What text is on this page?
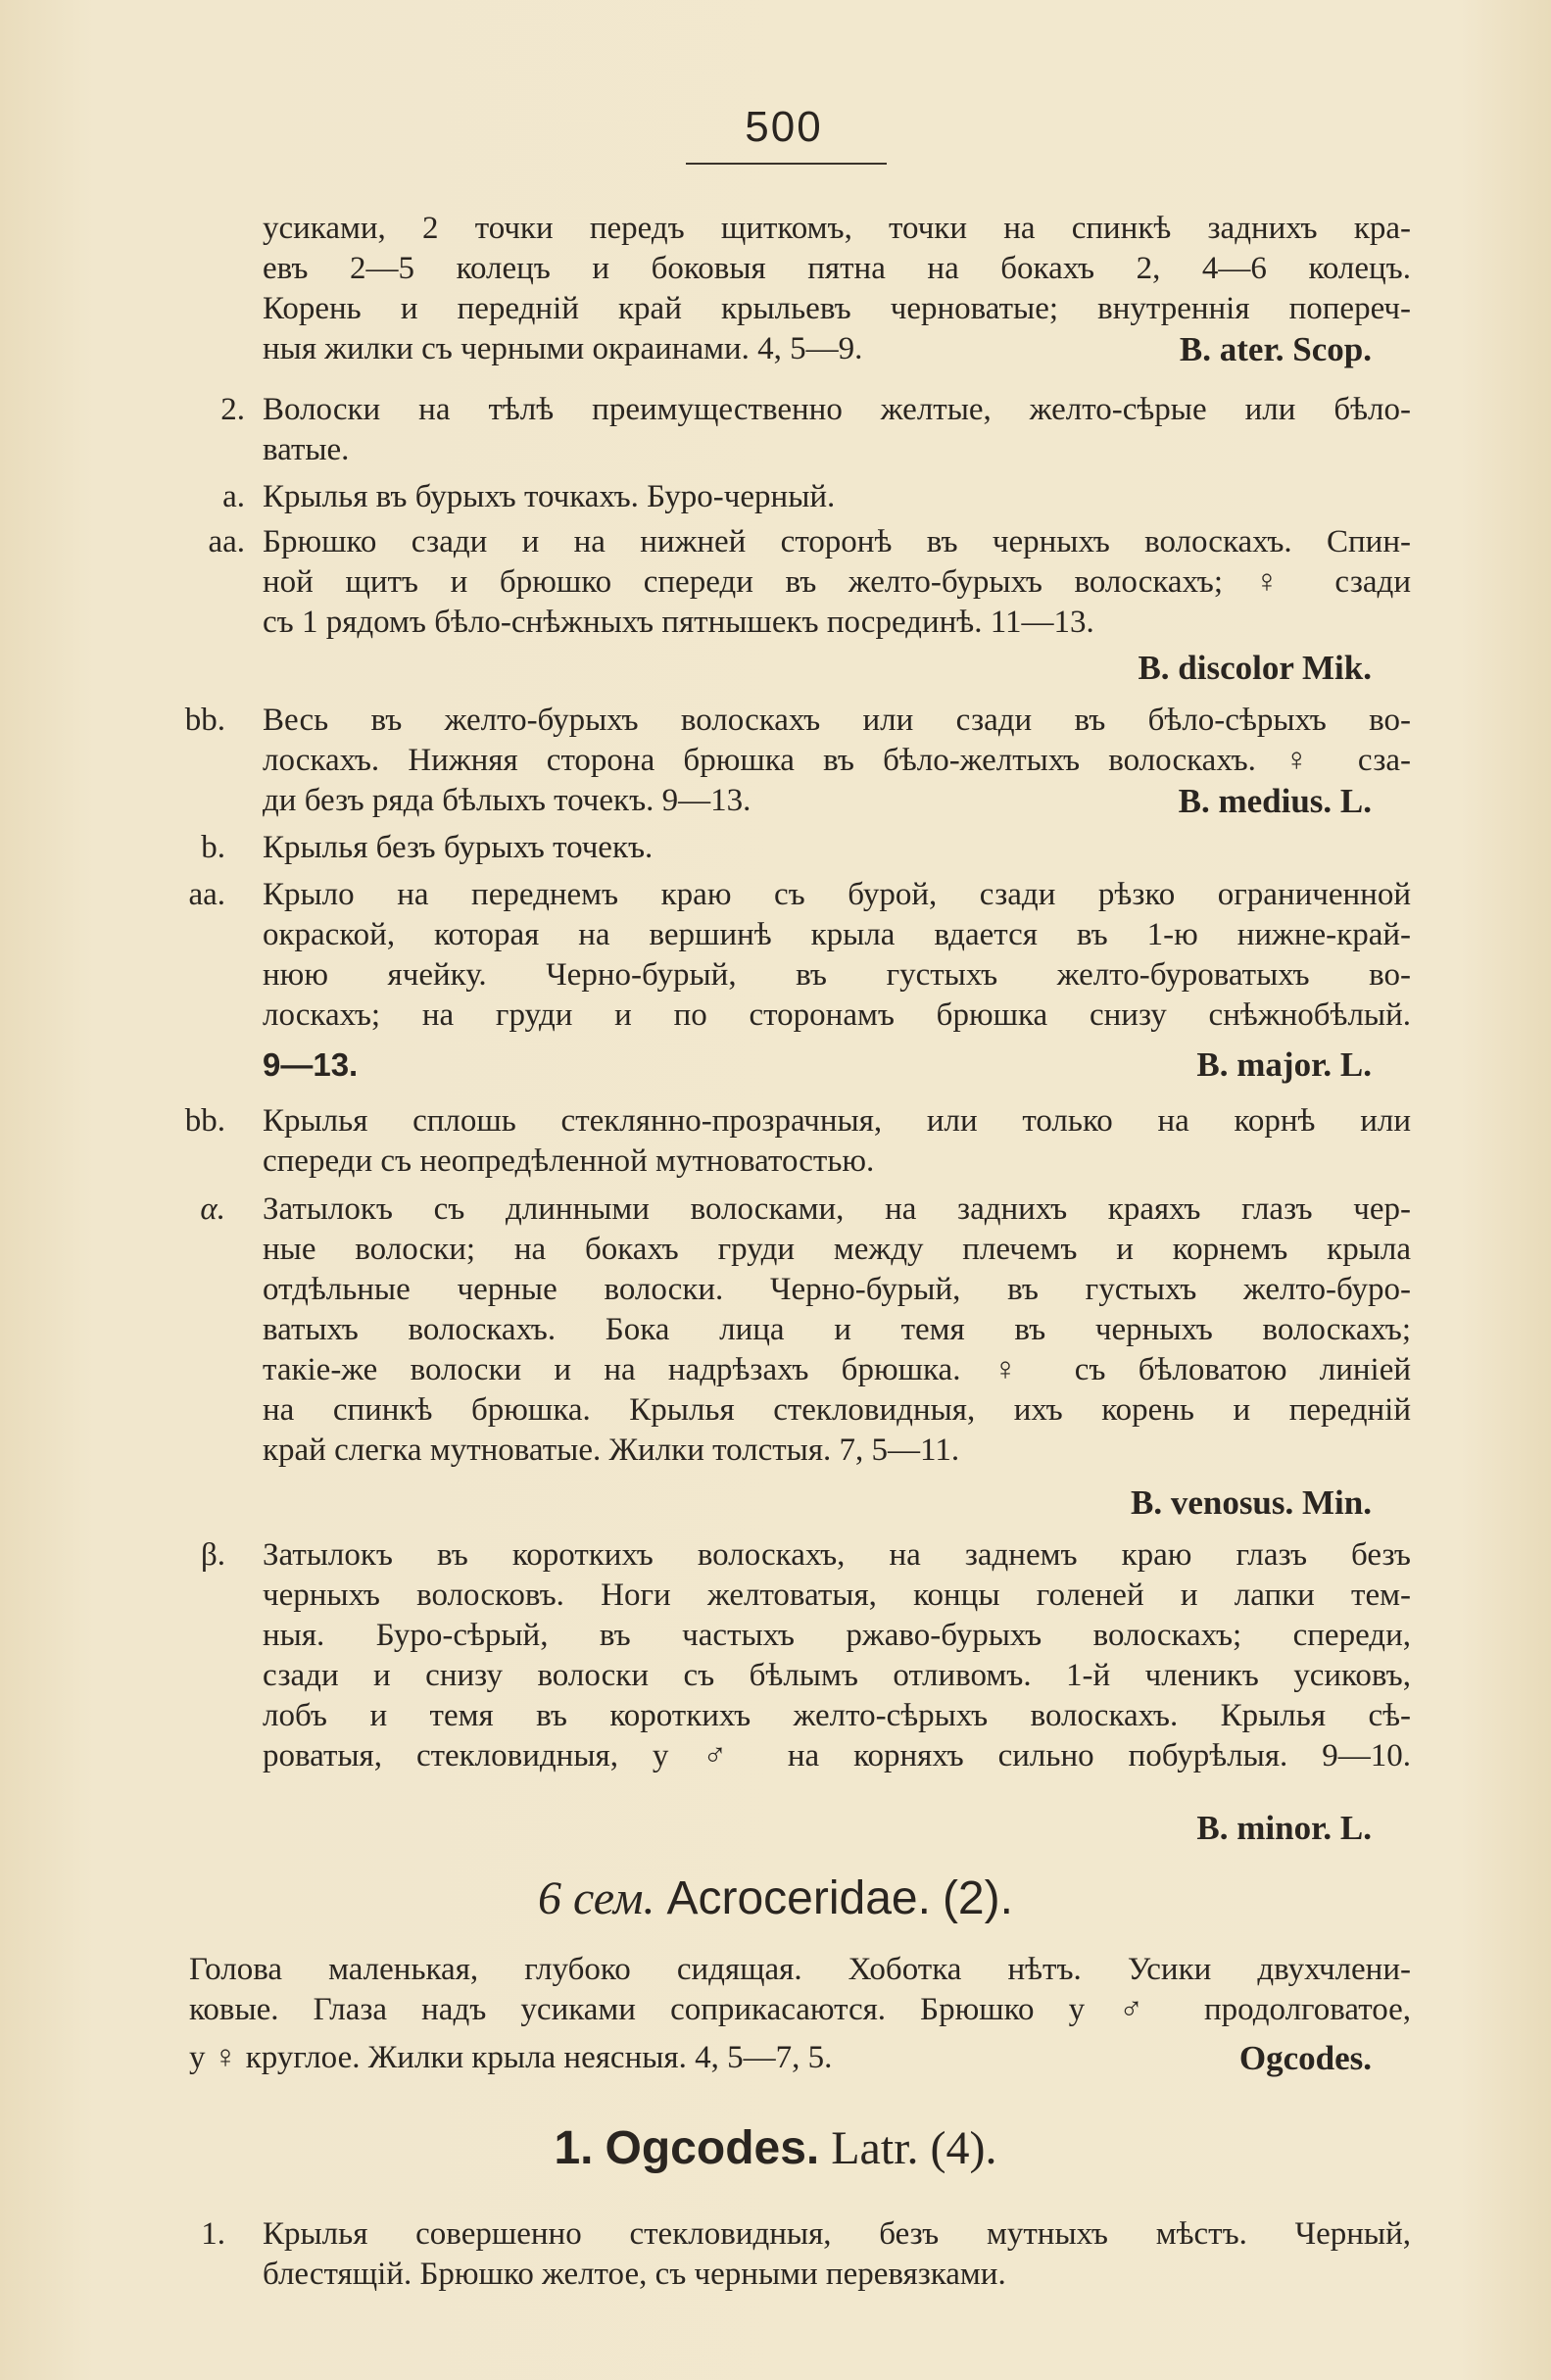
500
усиками, 2 точки передъ щиткомъ, точки на спинкѣ заднихъ кра-
евъ 2—5 колецъ и боковыя пятна на бокахъ 2, 4—6 колецъ.
Корень и передній край крыльевъ черноватые; внутреннія попереч-
ныя жилки съ черными окраинами. 4, 5—9.	B. ater. Scop.
2. Волоски на тѣлѣ преимущественно желтые, желто-сѣрые или бѣло-
ватые.
a. Крылья въ бурыхъ точкахъ. Буро-черный.
аа. Брюшко сзади и на нижней сторонѣ въ черныхъ волоскахъ. Спин-
ной щитъ и брюшко спереди въ желто-бурыхъ волоскахъ; ♀ сзади
съ 1 рядомъ бѣло-снѣжныхъ пятнышекъ посрединѣ. 11—13.
B. discolor Mik.
bb. Весь въ желто-бурыхъ волоскахъ или сзади въ бѣло-сѣрыхъ во-
лоскахъ. Нижняя сторона брюшка въ бѣло-желтыхъ волоскахъ. ♀ сза-
ди безъ ряда бѣлыхъ точекъ. 9—13.	B. medius. L.
b. Крылья безъ бурыхъ точекъ.
аа. Крыло на переднемъ краю съ бурой, сзади рѣзко ограниченной
окраской, которая на вершинѣ крыла вдается въ 1-ю нижне-край-
нюю ячейку. Черно-бурый, въ густыхъ желто-буроватыхъ во-
лоскахъ; на груди и по сторонамъ брюшка снизу снѣжнобѣлый.
9—13.	B. major. L.
bb. Крылья сплошь стеклянно-прозрачныя, или только на корнѣ или
спереди съ неопредѣленной мутноватостью.
α. Затылокъ съ длинными волосками, на заднихъ краяхъ глазъ чер-
ные волоски; на бокахъ груди между плечемъ и корнемъ крыла
отдѣльные черные волоски. Черно-бурый, въ густыхъ желто-буро-
ватыхъ волоскахъ. Бока лица и темя въ черныхъ волоскахъ;
такіе-же волоски и на надрѣзахъ брюшка. ♀ съ бѣловатою линіей
на спинкѣ брюшка. Крылья стекловидныя, ихъ корень и передній
край слегка мутноватые. Жилки толстыя. 7, 5—11.
B. venosus. Min.
β. Затылокъ въ короткихъ волоскахъ, на заднемъ краю глазъ безъ
черныхъ волосковъ. Ноги желтоватыя, концы голеней и лапки тем-
ныя. Буро-сѣрый, въ частыхъ ржаво-бурыхъ волоскахъ; спереди,
сзади и снизу волоски съ бѣлымъ отливомъ. 1-й членикъ усиковъ,
лобъ и темя въ короткихъ желто-сѣрыхъ волоскахъ. Крылья сѣ-
роватыя, стекловидныя, у ♂ на корняхъ сильно побурѣлыя. 9—10.
B. minor. L.
6 сем. Acroceridae. (2).
Голова маленькая, глубоко сидящая. Хоботка нѣтъ. Усики двухчлени-
ковые. Глаза надъ усиками соприкасаются. Брюшко у ♂ продолговатое,
у ♀ круглое. Жилки крыла неясныя. 4, 5—7, 5.	Ogcodes.
1. Ogcodes. Latr. (4).
1. Крылья совершенно стекловидныя, безъ мутныхъ мѣстъ. Черный,
блестящій. Брюшко желтое, съ черными перевязками.
